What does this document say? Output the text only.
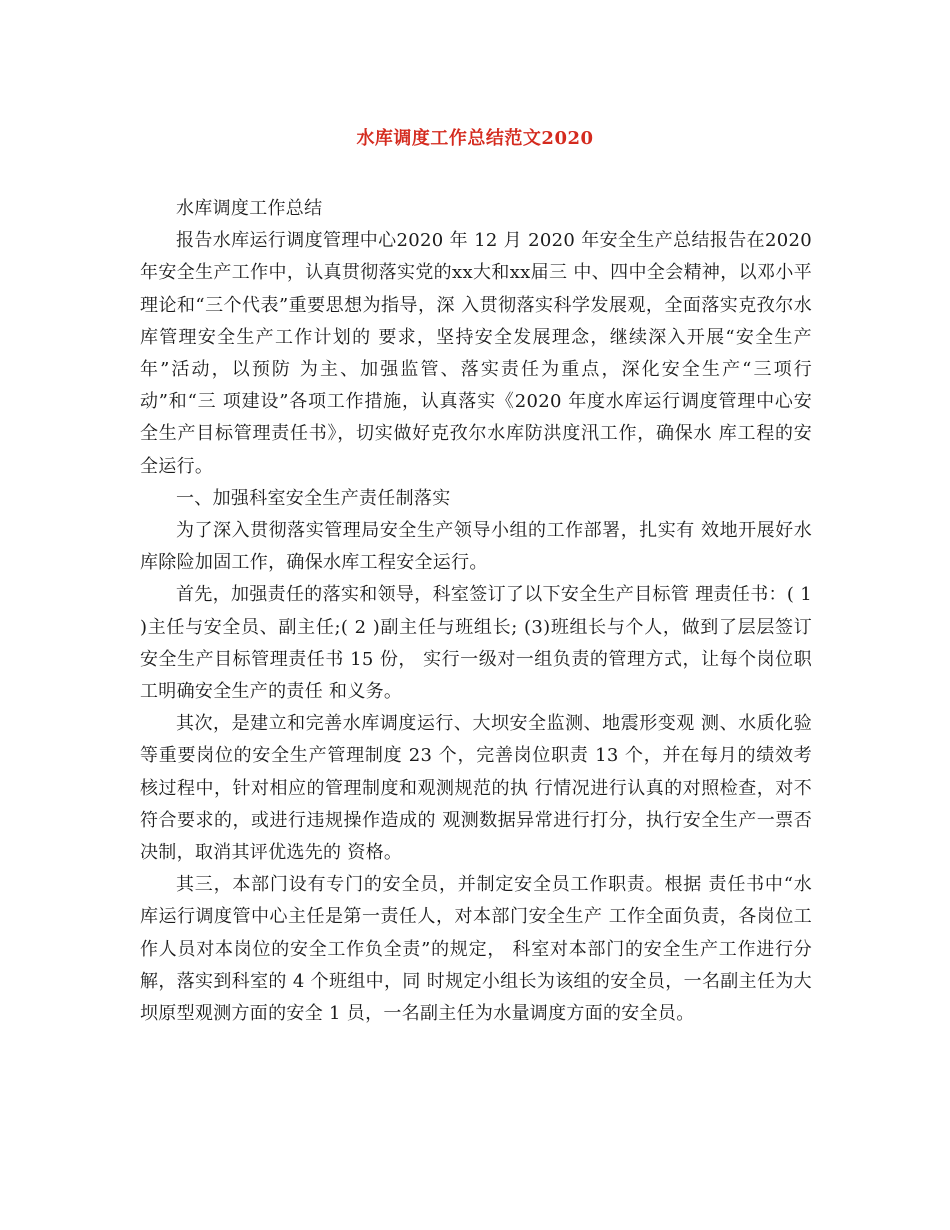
水库调度工作总结范文2020

水库调度工作总结

报告水库运行调度管理中心2020 年 12 月 2020 年安全生产总结报告在2020 年安全生产工作中，认真贯彻落实党的xx大和xx届三 中、四中全会精神，以邓小平理论和“三个代表”重要思想为指导，深 入贯彻落实科学发展观，全面落实克孜尔水库管理安全生产工作计划的 要求，坚持安全发展理念，继续深入开展“安全生产年”活动，以预防 为主、加强监管、落实责任为重点，深化安全生产“三项行动”和“三 项建设”各项工作措施，认真落实《2020 年度水库运行调度管理中心安 全生产目标管理责任书》，切实做好克孜尔水库防洪度汛工作，确保水 库工程的安全运行。

一、加强科室安全生产责任制落实

为了深入贯彻落实管理局安全生产领导小组的工作部署，扎实有 效地开展好水库除险加固工作，确保水库工程安全运行。

首先，加强责任的落实和领导，科室签订了以下安全生产目标管 理责任书：( 1 )主任与安全员、副主任;( 2 )副主任与班组长; (3)班组长与个人，做到了层层签订安全生产目标管理责任书 15 份， 实行一级对一组负责的管理方式，让每个岗位职工明确安全生产的责任 和义务。

其次，是建立和完善水库调度运行、大坝安全监测、地震形变观 测、水质化验等重要岗位的安全生产管理制度 23 个，完善岗位职责 13 个，并在每月的绩效考核过程中，针对相应的管理制度和观测规范的执 行情况进行认真的对照检查，对不符合要求的，或进行违规操作造成的 观测数据异常进行打分，执行安全生产一票否决制，取消其评优选先的 资格。

其三，本部门设有专门的安全员，并制定安全员工作职责。根据 责任书中“水库运行调度管中心主任是第一责任人，对本部门安全生产 工作全面负责，各岗位工作人员对本岗位的安全工作负全责”的规定， 科室对本部门的安全生产工作进行分解，落实到科室的 4 个班组中，同 时规定小组长为该组的安全员，一名副主任为大坝原型观测方面的安全 1 员，一名副主任为水量调度方面的安全员。
